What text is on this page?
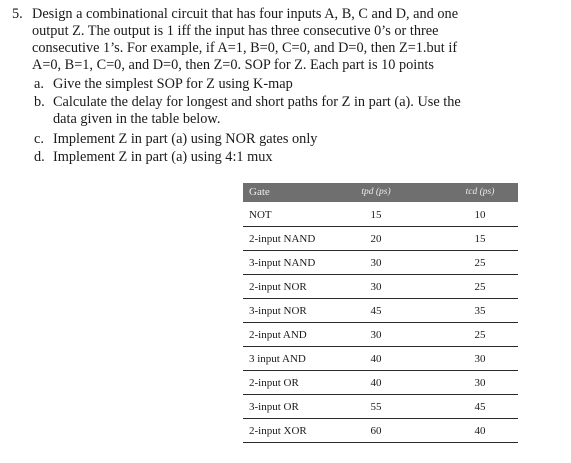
5. Design a combinational circuit that has four inputs A, B, C and D, and one
output Z. The output is 1 iff the input has three consecutive 0’s or three
consecutive 1’s. For example, if A=1, B=0, C=0, and D=0, then Z=1.but if
A=0, B=1, C=0, and D=0, then Z=0. SOP for Z. Each part is 10 points
a. Give the simplest SOP for Z using K-map
b. Calculate the delay for longest and short paths for Z in part (a). Use the
data given in the table below.
c. Implement Z in part (a) using NOR gates only
d. Implement Z in part (a) using 4:1 mux
Gate	tpd (ps)	tcd (ps)
NOT	15	10
2-input NAND	20	15
3-input NAND	30	25
2-input NOR	30	25
3-input NOR	45	35
2-input AND	30	25
3 input AND	40	30
2-input OR	40	30
3-input OR	55	45
2-input XOR	60	40
